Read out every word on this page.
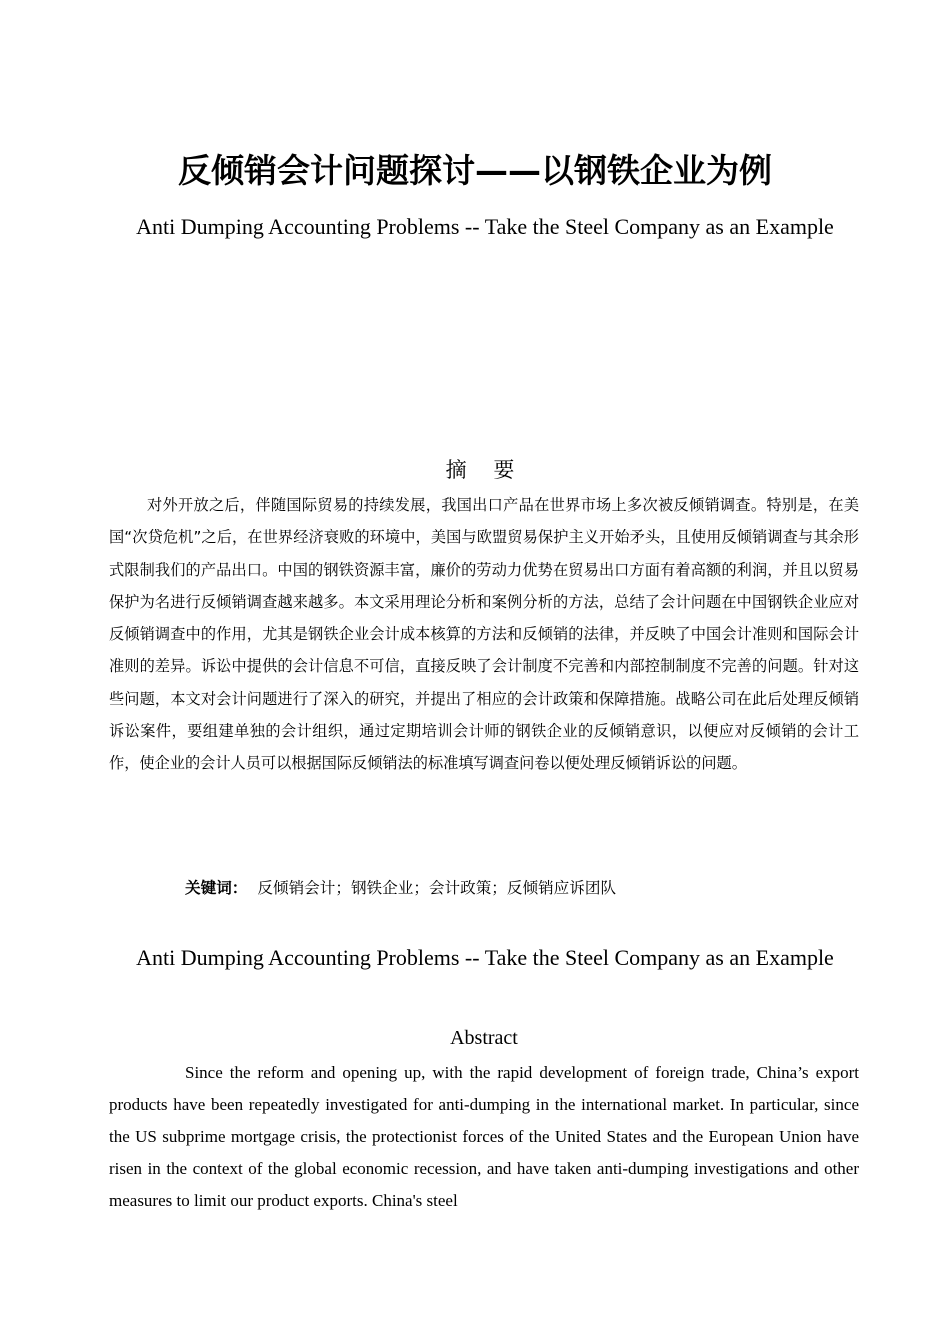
反倾销会计问题探讨——以钢铁企业为例
Anti Dumping Accounting Problems -- Take the Steel Company as an Example
摘 要

对外开放之后，伴随国际贸易的持续发展，我国出口产品在世界市场上多次被反倾销调查。特别是，在美国“次贷危机”之后，在世界经济衰败的环境中，美国与欧盟贸易保护主义开始矛头，且使用反倾销调查与其余形式限制我们的产品出口。中国的钢铁资源丰富，廉价的劳动力优势在贸易出口方面有着高额的利润，并且以贸易保护为名进行反倾销调查越来越多。本文采用理论分析和案例分析的方法，总结了会计问题在中国钢铁企业应对反倾销调查中的作用，尤其是钢铁企业会计成本核算的方法和反倾销的法律，并反映了中国会计准则和国际会计准则的差异。诉讼中提供的会计信息不可信，直接反映了会计制度不完善和内部控制制度不完善的问题。针对这些问题，本文对会计问题进行了深入的研究，并提出了相应的会计政策和保障措施。战略公司在此后处理反倾销诉讼案件，要组建单独的会计组织，通过定期培训会计师的钢铁企业的反倾销意识，以便应对反倾销的会计工作，使企业的会计人员可以根据国际反倾销法的标准填写调查问卷以便处理反倾销诉讼的问题。

关键词： 反倾销会计；钢铁企业；会计政策；反倾销应诉团队
Anti Dumping Accounting Problems -- Take the Steel Company as an Example
Abstract

Since the reform and opening up, with the rapid development of foreign trade, China’s export products have been repeatedly investigated for anti-dumping in the international market. In particular, since the US subprime mortgage crisis, the protectionist forces of the United States and the European Union have risen in the context of the global economic recession, and have taken anti-dumping investigations and other measures to limit our product exports. China's steel
